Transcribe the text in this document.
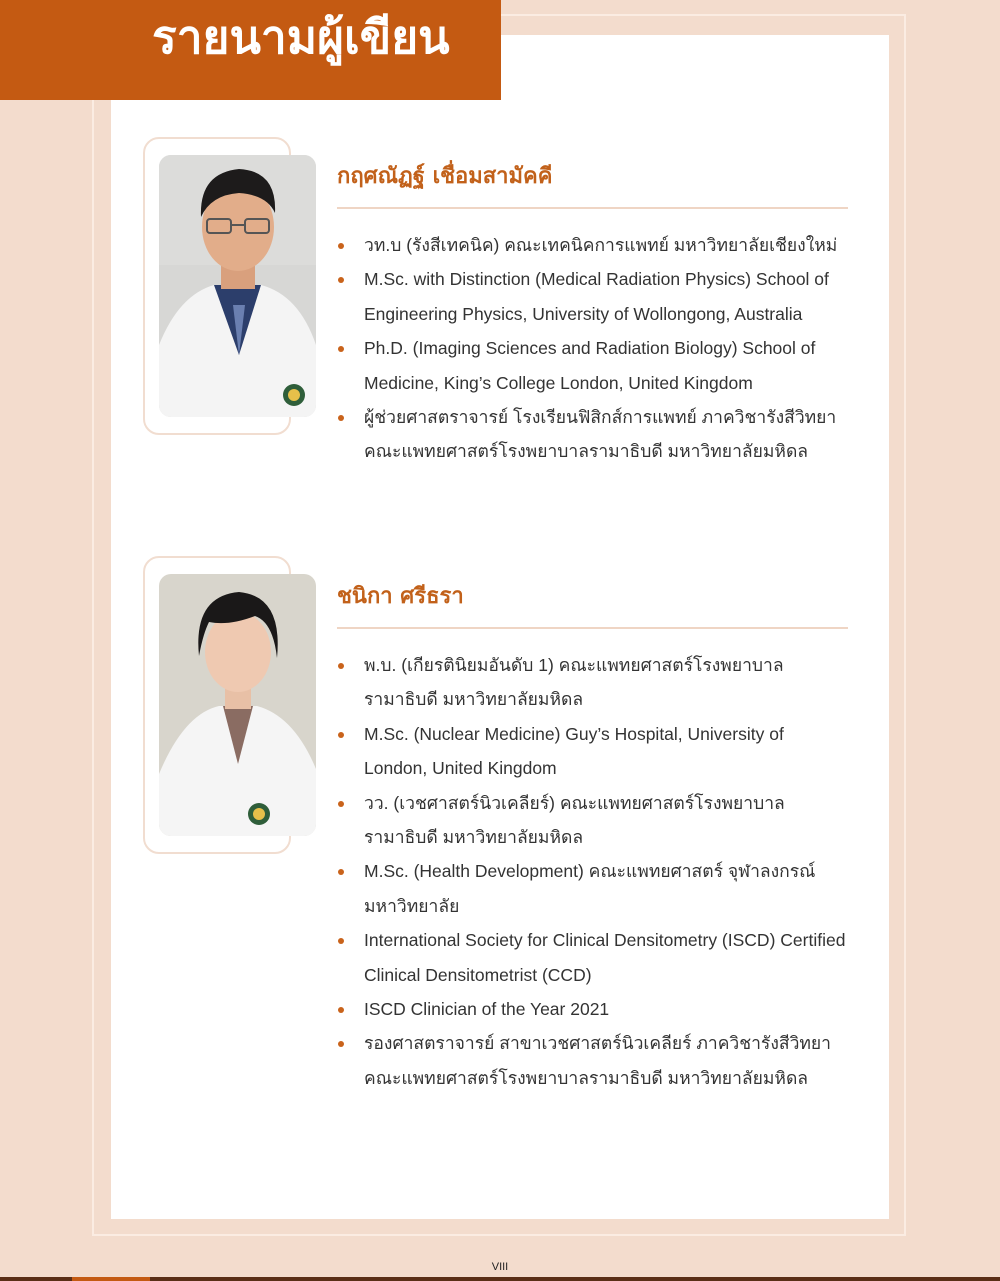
รายนามผู้เขียน
กฤศณัฏฐ์ เชื่อมสามัคคี
วท.บ (รังสีเทคนิค) คณะเทคนิคการแพทย์ มหาวิทยาลัยเชียงใหม่
M.Sc. with Distinction (Medical Radiation Physics) School of Engineering Physics, University of Wollongong, Australia
Ph.D. (Imaging Sciences and Radiation Biology) School of Medicine, King’s College London, United Kingdom
ผู้ช่วยศาสตราจารย์ โรงเรียนฟิสิกส์การแพทย์ ภาควิชารังสีวิทยา คณะแพทยศาสตร์โรงพยาบาลรามาธิบดี มหาวิทยาลัยมหิดล
ชนิกา ศรีธรา
พ.บ. (เกียรตินิยมอันดับ 1) คณะแพทยศาสตร์โรงพยาบาลรามาธิบดี มหาวิทยาลัยมหิดล
M.Sc. (Nuclear Medicine) Guy’s Hospital, University of London, United Kingdom
วว. (เวชศาสตร์นิวเคลียร์) คณะแพทยศาสตร์โรงพยาบาลรามาธิบดี มหาวิทยาลัยมหิดล
M.Sc. (Health Development) คณะแพทยศาสตร์ จุฬาลงกรณ์ มหาวิทยาลัย
International Society for Clinical Densitometry (ISCD) Certified Clinical Densitometrist (CCD)
ISCD Clinician of the Year 2021
รองศาสตราจารย์ สาขาเวชศาสตร์นิวเคลียร์ ภาควิชารังสีวิทยา คณะแพทยศาสตร์โรงพยาบาลรามาธิบดี มหาวิทยาลัยมหิดล
VIII
